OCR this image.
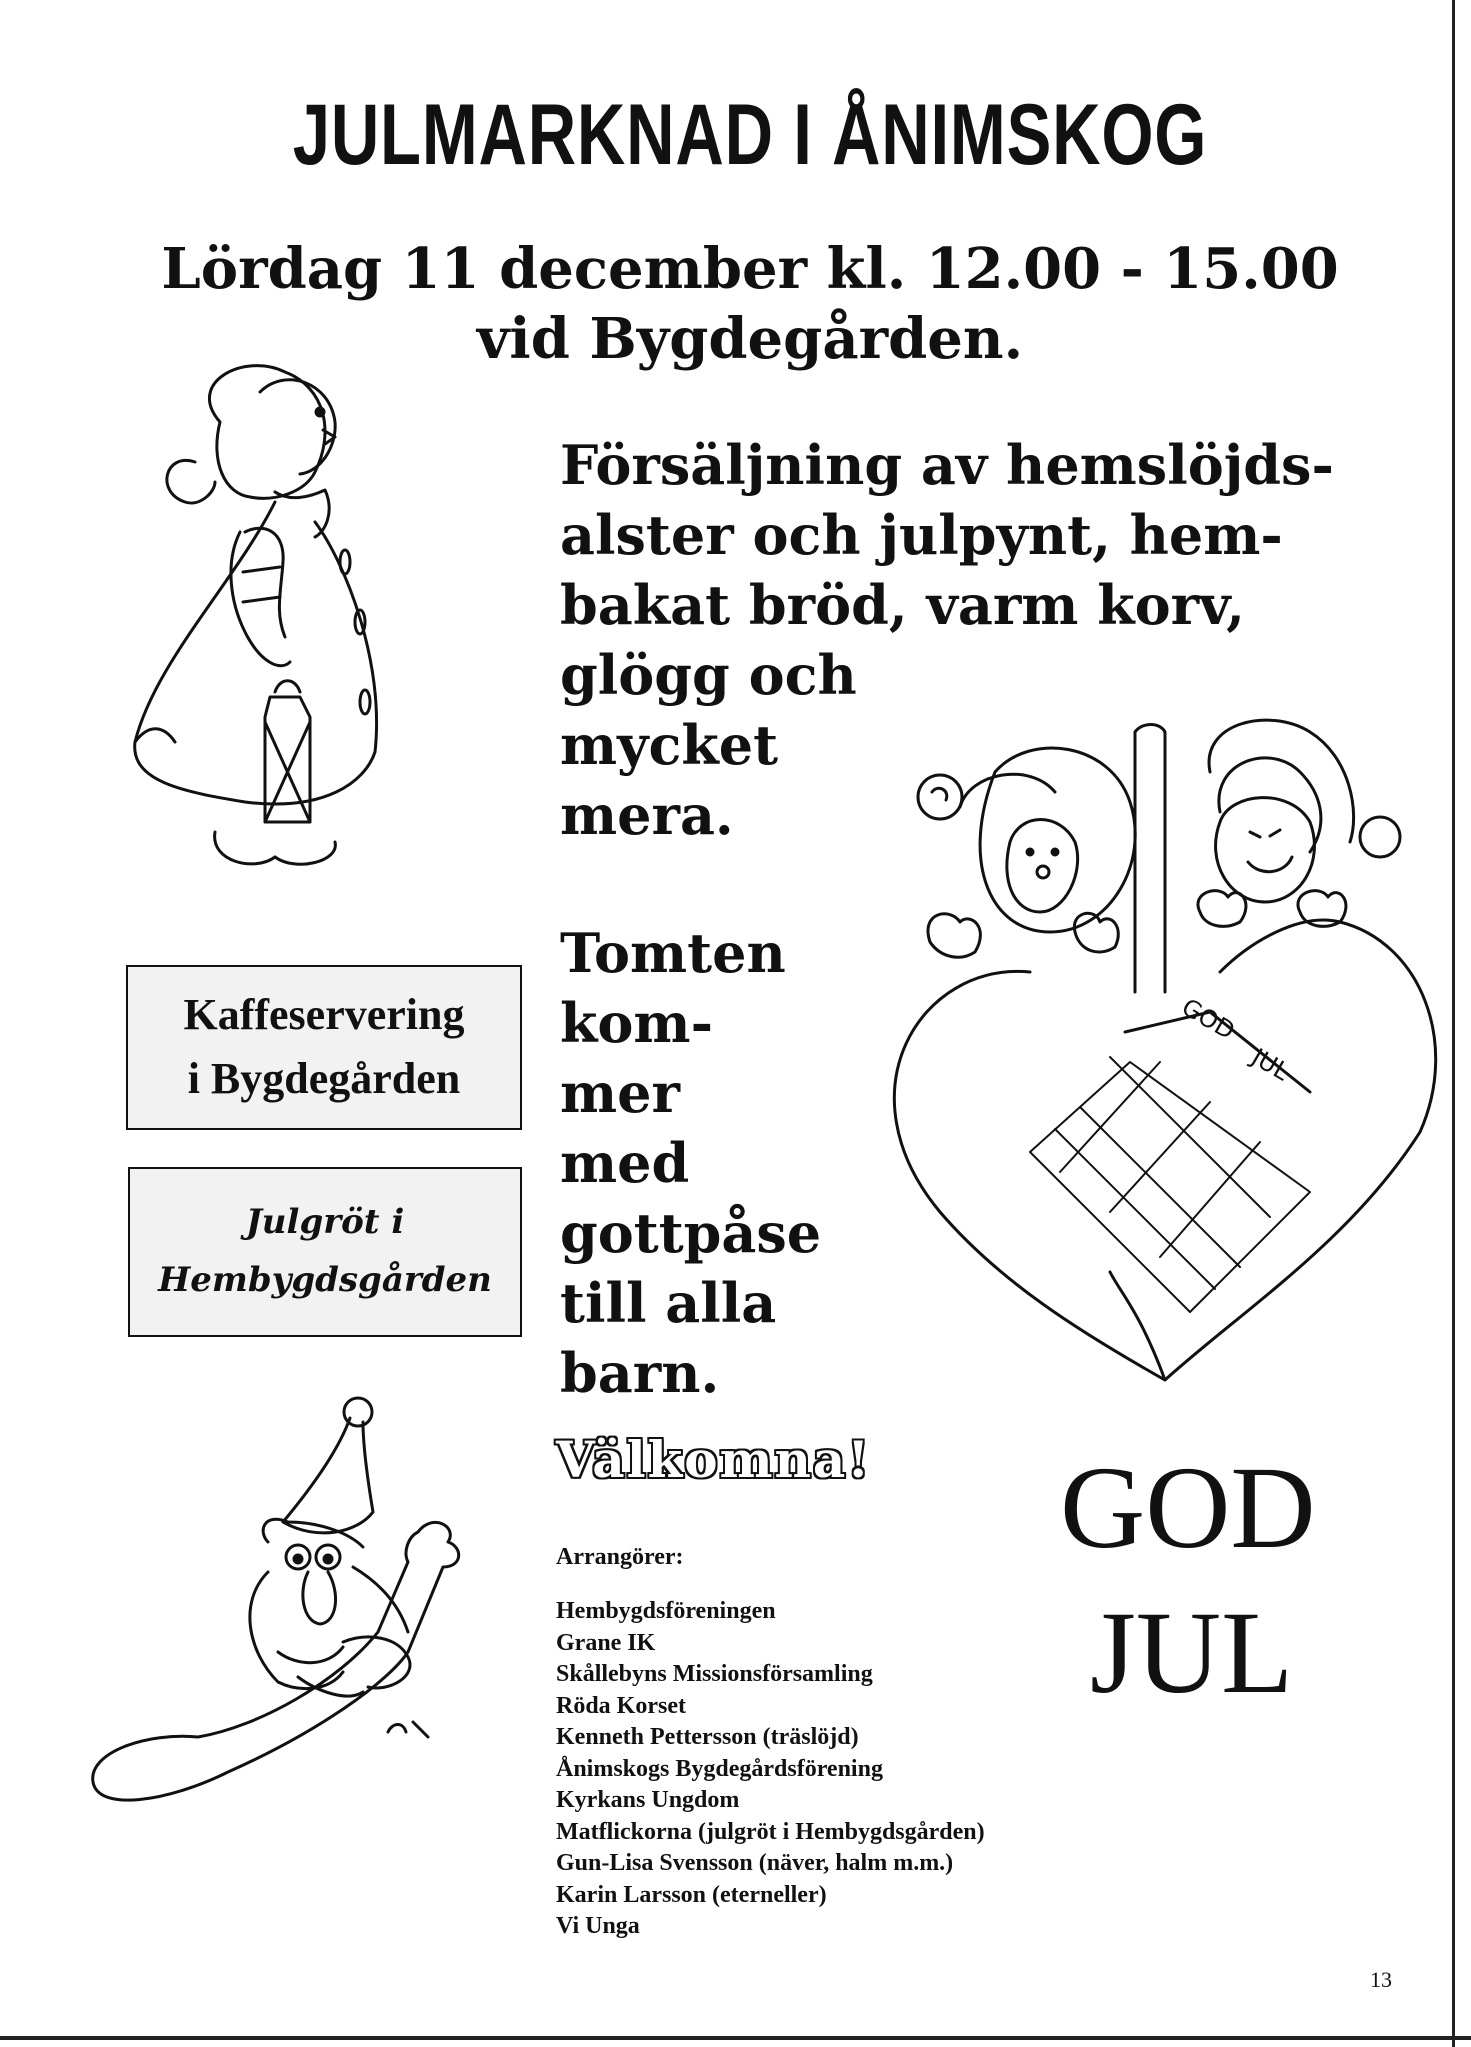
JULMARKNAD I ÅNIMSKOG
Lördag 11 december kl. 12.00 - 15.00
vid Bygdegården.
Försäljning av hemslöjds-
alster och julpynt, hem-
bakat bröd, varm korv,
glögg och
mycket
mera.
GOD
JUL
Kaffeservering
i Bygdegården
Julgröt i
Hembygdsgården
Tomten
kom-
mer
med
gottpåse
till alla
barn.
Välkomna! GOD
JUL
Arrangörer:
Hembygdsföreningen
Grane IK
Skållebyns Missionsförsamling
Röda Korset
Kenneth Pettersson (träslöjd)
Ånimskogs Bygdegårdsförening
Kyrkans Ungdom
Matflickorna (julgröt i Hembygdsgården)
Gun-Lisa Svensson (näver, halm m.m.)
Karin Larsson (eterneller)
Vi Unga
13
